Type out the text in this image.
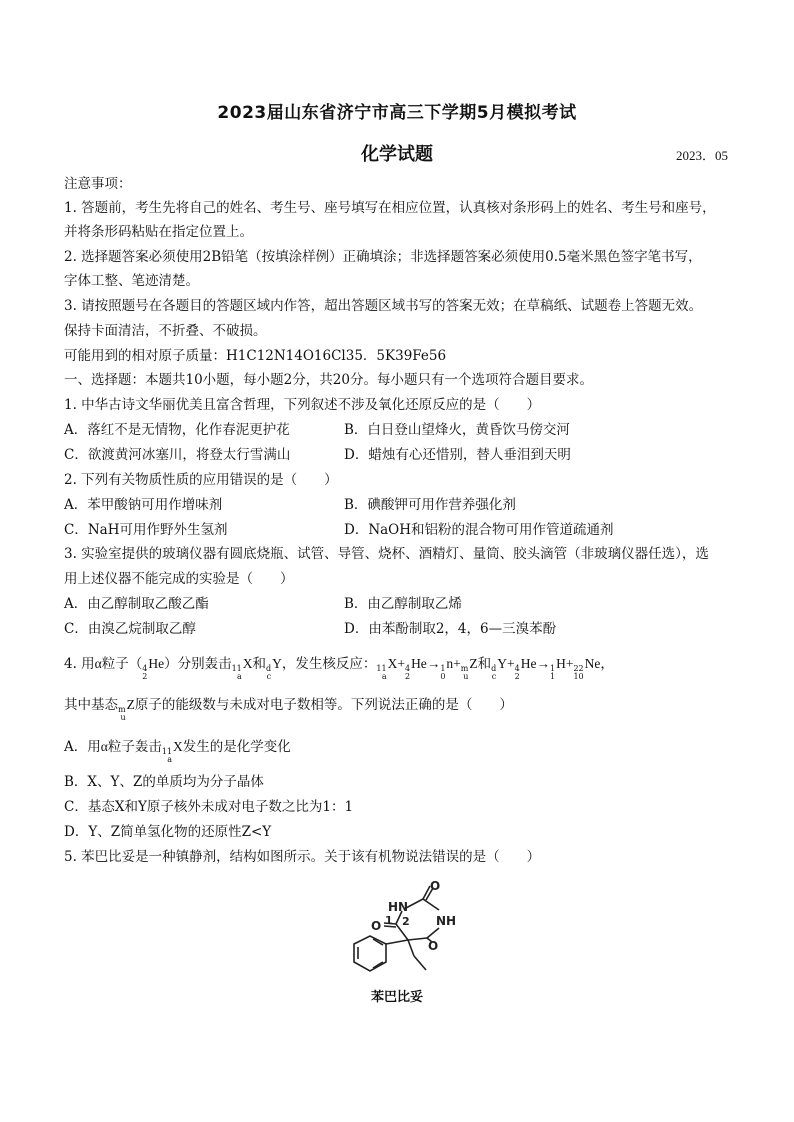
2023届山东省济宁市高三下学期5月模拟考试
化学试题	2023．05
注意事项：
1. 答题前，考生先将自己的姓名、考生号、座号填写在相应位置，认真核对条形码上的姓名、考生号和座号，
并将条形码粘贴在指定位置上。
2. 选择题答案必须使用2B铅笔（按填涂样例）正确填涂；非选择题答案必须使用0.5毫米黑色签字笔书写，
字体工整、笔迹清楚。
3. 请按照题号在各题目的答题区域内作答，超出答题区域书写的答案无效；在草稿纸、试题卷上答题无效。
保持卡面清洁，不折叠、不破损。
可能用到的相对原子质量：H1C12N14O16Cl35．5K39Fe56
一、选择题：本题共10小题，每小题2分，共20分。每小题只有一个选项符合题目要求。
1. 中华古诗文华丽优美且富含哲理，下列叙述不涉及氧化还原反应的是（　　）
A．落红不是无情物，化作春泥更护花	B．白日登山望烽火，黄昏饮马傍交河
C．欲渡黄河冰塞川，将登太行雪满山	D．蜡烛有心还惜别，替人垂泪到天明
2. 下列有关物质性质的应用错误的是（　　）
A．苯甲酸钠可用作增味剂	B．碘酸钾可用作营养强化剂
C．NaH可用作野外生氢剂	D．NaOH和铝粉的混合物可用作管道疏通剂
3. 实验室提供的玻璃仪器有圆底烧瓶、试管、导管、烧杯、酒精灯、量筒、胶头滴管（非玻璃仪器任选），选
用上述仪器不能完成的实验是（　　）
A．由乙醇制取乙酸乙酯	B．由乙醇制取乙烯
C．由溴乙烷制取乙醇	D．由苯酚制取2，4，6—三溴苯酚
4. 用α粒子（ 4
2
He）分别轰击 11
a
X和 d
c
Y，发生核反应： 11
a
X+ 4
2
He→ 1
0
n+ m
u
Z和 d
c
Y+ 4
2
He→ 1
1
H+ 22
10
Ne，
其中基态 m
u
Z原子的能级数与未成对电子数相等。下列说法正确的是（　　）
A．用α粒子轰击 11
a
X发生的是化学变化
B．X、Y、Z的单质均为分子晶体
C．基态X和Y原子核外未成对电子数之比为1：1
D．Y、Z简单氢化物的还原性Z<Y
5. 苯巴比妥是一种镇静剂，结构如图所示。关于该有机物说法错误的是（　　）
O
HN
NH
O
O
1 2
苯巴比妥
